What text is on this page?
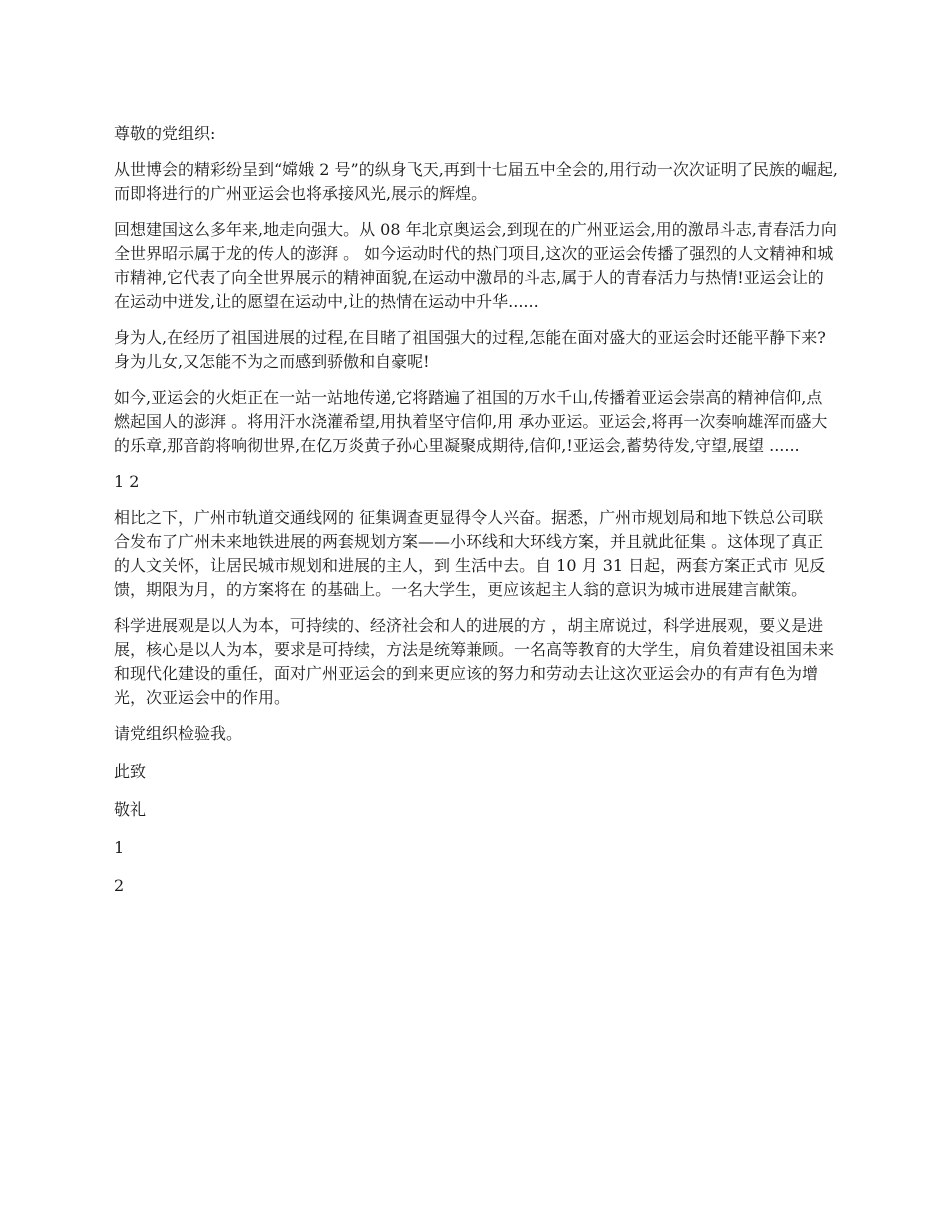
尊敬的党组织:

从世博会的精彩纷呈到“嫦娥 2 号”的纵身飞天,再到十七届五中全会的,用行动一次次证明了民族的崛起,而即将进行的广州亚运会也将承接风光,展示的辉煌。

回想建国这么多年来,地走向强大。从 08 年北京奥运会,到现在的广州亚运会,用的激昂斗志,青春活力向全世界昭示属于龙的传人的澎湃 。 如今运动时代的热门项目,这次的亚运会传播了强烈的人文精神和城市精神,它代表了向全世界展示的精神面貌,在运动中激昂的斗志,属于人的青春活力与热情!亚运会让的 在运动中迸发,让的愿望在运动中,让的热情在运动中升华......

身为人,在经历了祖国进展的过程,在目睹了祖国强大的过程,怎能在面对盛大的亚运会时还能平静下来?身为儿女,又怎能不为之而感到骄傲和自豪呢!

如今,亚运会的火炬正在一站一站地传递,它将踏遍了祖国的万水千山,传播着亚运会崇高的精神信仰,点燃起国人的澎湃 。将用汗水浇灌希望,用执着坚守信仰,用 承办亚运。亚运会,将再一次奏响雄浑而盛大的乐章,那音韵将响彻世界,在亿万炎黄子孙心里凝聚成期待,信仰,!亚运会,蓄势待发,守望,展望 ......

1 2

相比之下，广州市轨道交通线网的 征集调查更显得令人兴奋。据悉，广州市规划局和地下铁总公司联合发布了广州未来地铁进展的两套规划方案——小环线和大环线方案，并且就此征集 。这体现了真正的人文关怀，让居民城市规划和进展的主人，到 生活中去。自 10 月 31 日起，两套方案正式市 见反馈，期限为月，的方案将在 的基础上。一名大学生，更应该起主人翁的意识为城市进展建言献策。

科学进展观是以人为本，可持续的、经济社会和人的进展的方 ，胡主席说过，科学进展观，要义是进展，核心是以人为本，要求是可持续，方法是统筹兼顾。一名高等教育的大学生，肩负着建设祖国未来和现代化建设的重任，面对广州亚运会的到来更应该的努力和劳动去让这次亚运会办的有声有色为增光，次亚运会中的作用。

请党组织检验我。

此致

敬礼

1

2
